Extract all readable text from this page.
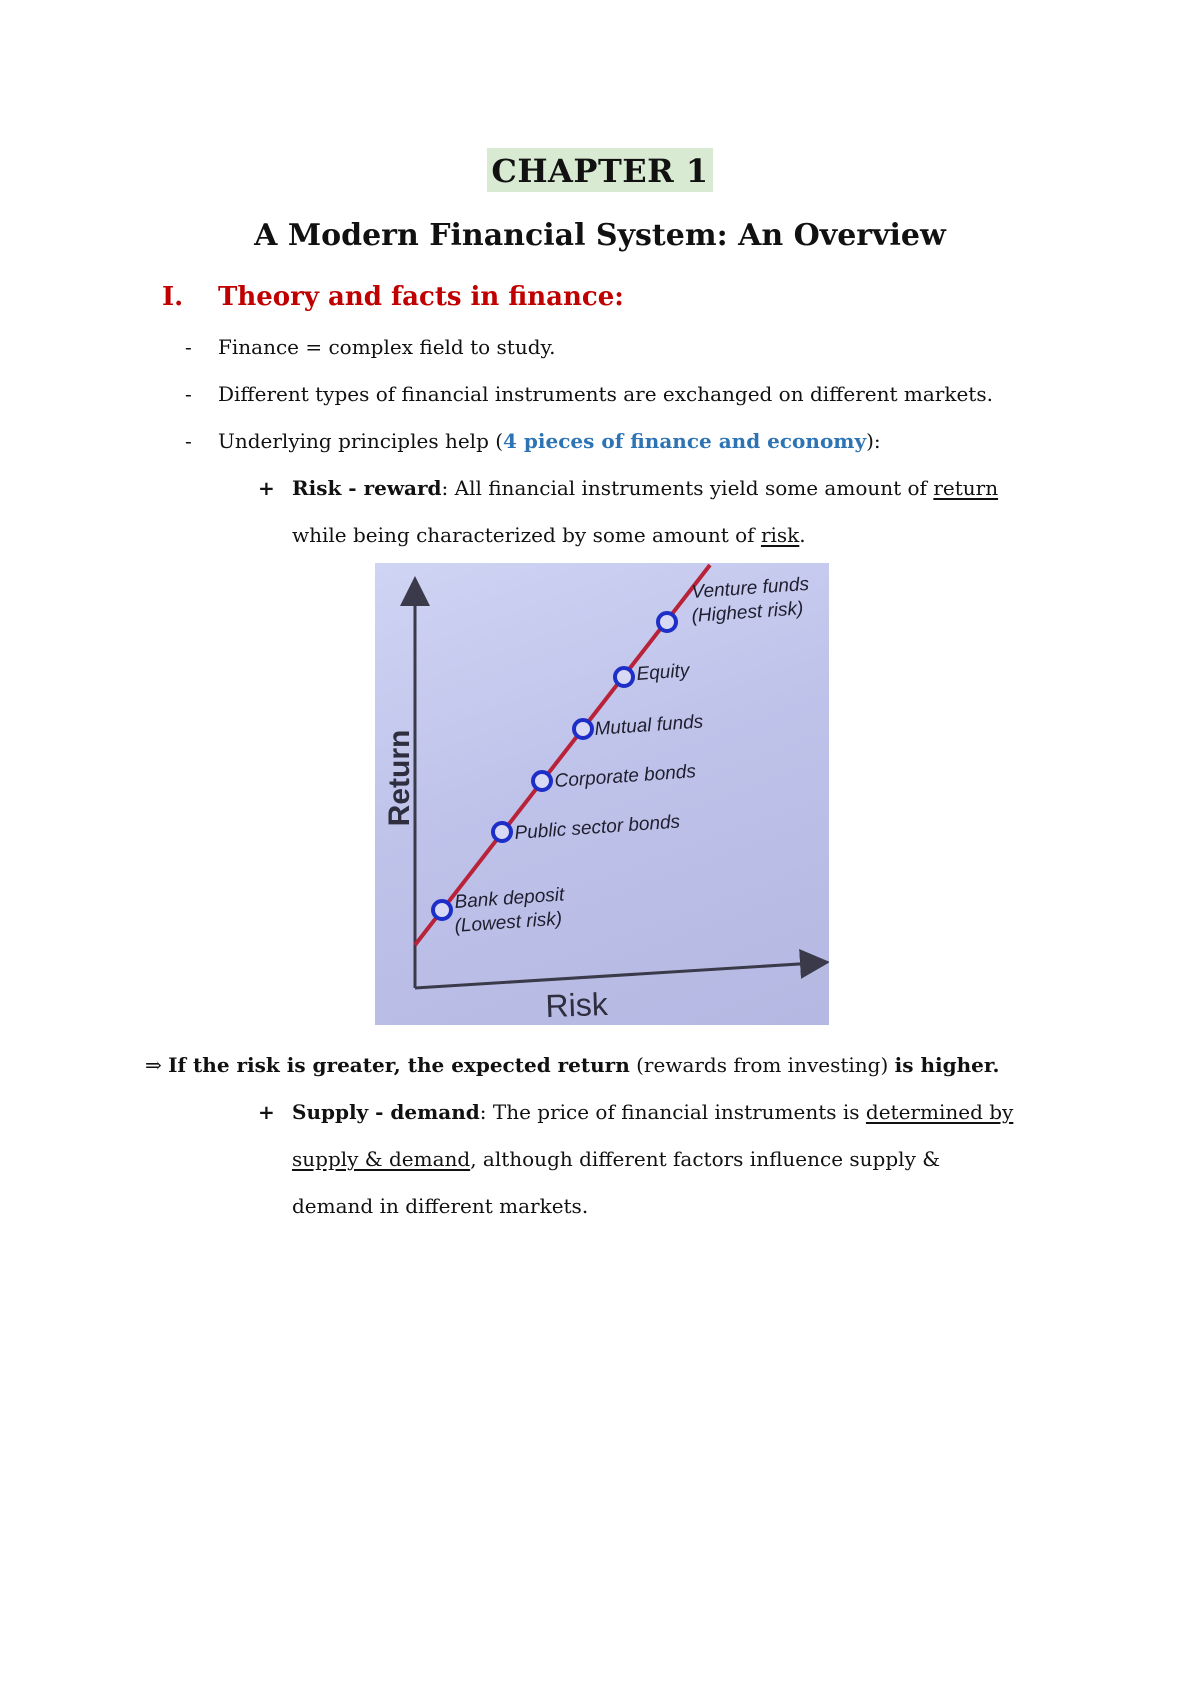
CHAPTER 1
A Modern Financial System: An Overview
I. Theory and facts in finance:
- Finance = complex field to study.
- Different types of financial instruments are exchanged on different markets.
- Underlying principles help (4 pieces of finance and economy):
+ Risk - reward: All financial instruments yield some amount of return
while being characterized by some amount of risk.
Return
Risk
Bank deposit
(Lowest risk)
Public sector bonds
Corporate bonds
Mutual funds
Equity
Venture funds
(Highest risk)
⇒ If the risk is greater, the expected return (rewards from investing) is higher.
+ Supply - demand: The price of financial instruments is determined by
supply & demand, although different factors influence supply &
demand in different markets.
